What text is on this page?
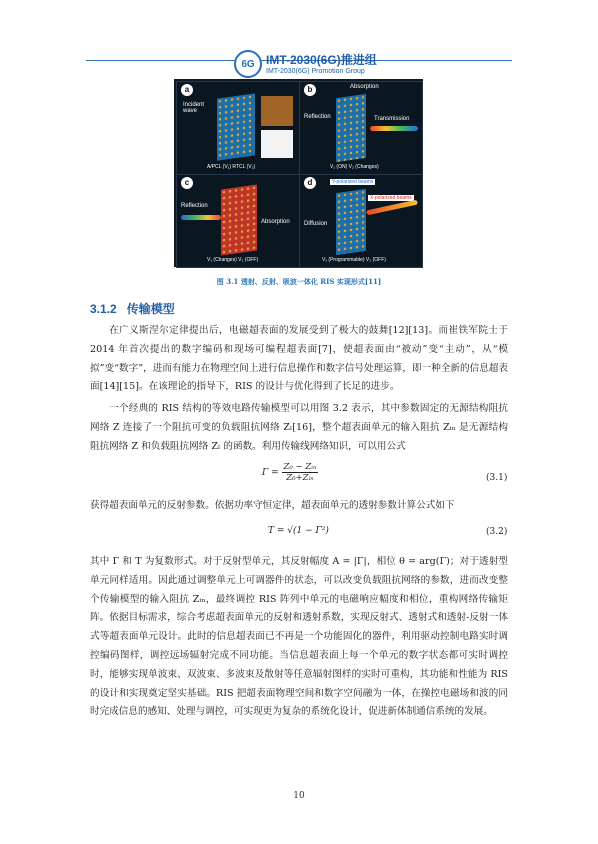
6G IMT-2030(6G)推进组
IMT-2030(6G) Promotion Group
a
Incident wave
A/PCL (V₁) RTCL (V₂)
b	Absorption
Reflection	Transmission
V₁ (ON) V₂ (Changes)
c
Reflection
Absorption
V₁ (Changes) V₂ (OFF)
d	Y-polarized beams
X-polarized beams
Diffusion
V₁ (Programmable) V₂ (OFF)
图 3.1 透射、反射、吸波一体化 RIS 实现形式[11]
3.1.2 传输模型

在广义斯涅尔定律提出后，电磁超表面的发展受到了极大的鼓舞[12][13]。而崔铁军院士于 2014 年首次提出的数字编码和现场可编程超表面[7]，使超表面由“被动”变“主动”，从“模拟”变“数字”，进而有能力在物理空间上进行信息操作和数字信号处理运算，即一种全新的信息超表面[14][15]。在该理论的指导下，RIS 的设计与优化得到了长足的进步。

一个经典的 RIS 结构的等效电路传输模型可以用图 3.2 表示，其中参数固定的无源结构阻抗网络 Z 连接了一个阻抗可变的负载阻抗网络 Zₗ[16]，整个超表面单元的输入阻抗 Zᵢₙ 是无源结构阻抗网络 Z 和负载阻抗网络 Zₗ 的函数。利用传输线网络知识，可以用公式

$\Gamma = \frac{\text{Z₀ − Zᵢₙ}}{\text{Z₀+Zᵢₙ}}$	(3.1)

获得超表面单元的反射参数。依据功率守恒定律，超表面单元的透射参数计算公式如下

T = √(1 − Γ²)	(3.2)

其中 Γ 和 T 为复数形式。对于反射型单元，其反射幅度 A = |Γ|，相位 θ = arg(Γ)；对于透射型单元同样适用。因此通过调整单元上可调器件的状态，可以改变负载阻抗网络的参数，进而改变整个传输模型的输入阻抗 Zᵢₙ，最终调控 RIS 阵列中单元的电磁响应幅度和相位，重构网络传输矩阵。依据目标需求，综合考虑超表面单元的反射和透射系数，实现反射式、透射式和透射-反射一体式等超表面单元设计。此时的信息超表面已不再是一个功能固化的器件，利用驱动控制电路实时调控编码图样，调控远场辐射完成不同功能。当信息超表面上每一个单元的数字状态都可实时调控时，能够实现单波束、双波束、多波束及散射等任意辐射图样的实时可重构，其功能和性能为 RIS 的设计和实现奠定坚实基础。RIS 把超表面物理空间和数字空间融为一体，在操控电磁场和波的同时完成信息的感知、处理与调控，可实现更为复杂的系统化设计，促进新体制通信系统的发展。

10
